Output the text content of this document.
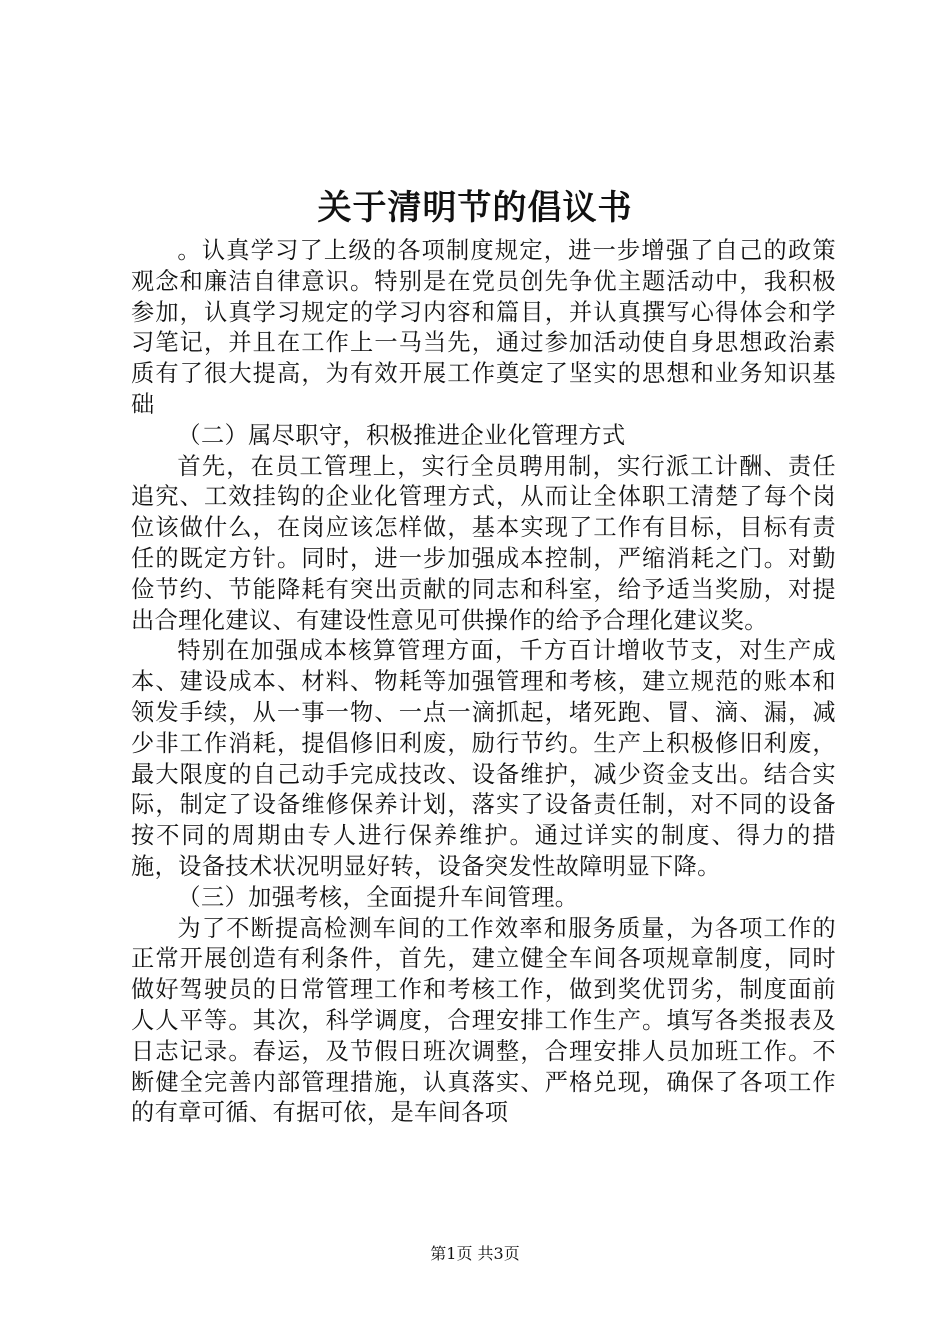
关于清明节的倡议书

。认真学习了上级的各项制度规定，进一步增强了自己的政策观念和廉洁自律意识。特别是在党员创先争优主题活动中，我积极参加，认真学习规定的学习内容和篇目，并认真撰写心得体会和学习笔记，并且在工作上一马当先，通过参加活动使自身思想政治素质有了很大提高，为有效开展工作奠定了坚实的思想和业务知识基础

（二）属尽职守，积极推进企业化管理方式

首先，在员工管理上，实行全员聘用制，实行派工计酬、责任追究、工效挂钩的企业化管理方式，从而让全体职工清楚了每个岗位该做什么，在岗应该怎样做，基本实现了工作有目标，目标有责任的既定方针。同时，进一步加强成本控制，严缩消耗之门。对勤俭节约、节能降耗有突出贡献的同志和科室，给予适当奖励，对提出合理化建议、有建设性意见可供操作的给予合理化建议奖。

特别在加强成本核算管理方面，千方百计增收节支，对生产成本、建设成本、材料、物耗等加强管理和考核，建立规范的账本和领发手续，从一事一物、一点一滴抓起，堵死跑、冒、滴、漏，减少非工作消耗，提倡修旧利废，励行节约。生产上积极修旧利废，最大限度的自己动手完成技改、设备维护，减少资金支出。结合实际，制定了设备维修保养计划，落实了设备责任制，对不同的设备按不同的周期由专人进行保养维护。通过详实的制度、得力的措施，设备技术状况明显好转，设备突发性故障明显下降。

（三）加强考核，全面提升车间管理。

为了不断提高检测车间的工作效率和服务质量，为各项工作的正常开展创造有利条件，首先，建立健全车间各项规章制度，同时做好驾驶员的日常管理工作和考核工作，做到奖优罚劣，制度面前人人平等。其次，科学调度，合理安排工作生产。填写各类报表及日志记录。春运，及节假日班次调整，合理安排人员加班工作。不断健全完善内部管理措施，认真落实、严格兑现，确保了各项工作的有章可循、有据可依，是车间各项

第1页 共3页
